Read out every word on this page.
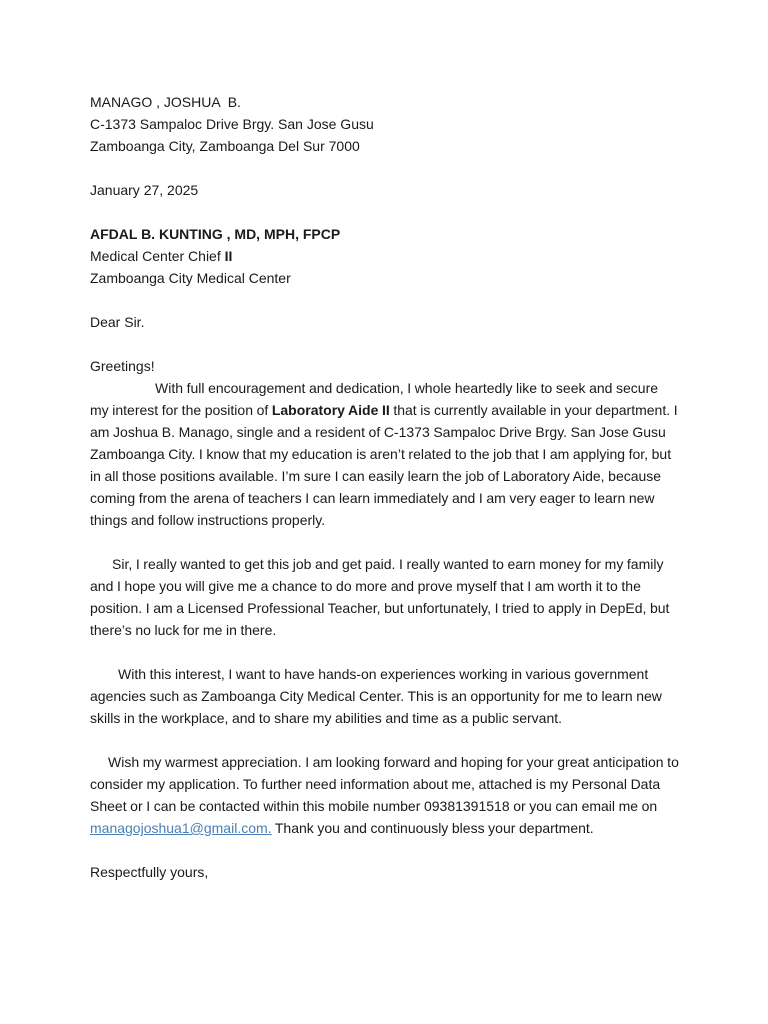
MANAGO , JOSHUA  B.
C-1373 Sampaloc Drive Brgy. San Jose Gusu
Zamboanga City, Zamboanga Del Sur 7000
January 27, 2025
AFDAL B. KUNTING , MD, MPH, FPCP
Medical Center Chief II
Zamboanga City Medical Center
Dear Sir.
Greetings!
With full encouragement and dedication, I whole heartedly like to seek and secure my interest for the position of Laboratory Aide II that is currently available in your department. I am Joshua B. Manago, single and a resident of C-1373 Sampaloc Drive Brgy. San Jose Gusu Zamboanga City. I know that my education is aren’t related to the job that I am applying for, but in all those positions available. I’m sure I can easily learn the job of Laboratory Aide, because coming from the arena of teachers I can learn immediately and I am very eager to learn new things and follow instructions properly.
Sir, I really wanted to get this job and get paid. I really wanted to earn money for my family and I hope you will give me a chance to do more and prove myself that I am worth it to the position. I am a Licensed Professional Teacher, but unfortunately, I tried to apply in DepEd, but there’s no luck for me in there.
With this interest, I want to have hands-on experiences working in various government agencies such as Zamboanga City Medical Center. This is an opportunity for me to learn new skills in the workplace, and to share my abilities and time as a public servant.
Wish my warmest appreciation. I am looking forward and hoping for your great anticipation to consider my application. To further need information about me, attached is my Personal Data Sheet or I can be contacted within this mobile number 09381391518 or you can email me on managojoshua1@gmail.com. Thank you and continuously bless your department.
Respectfully yours,
